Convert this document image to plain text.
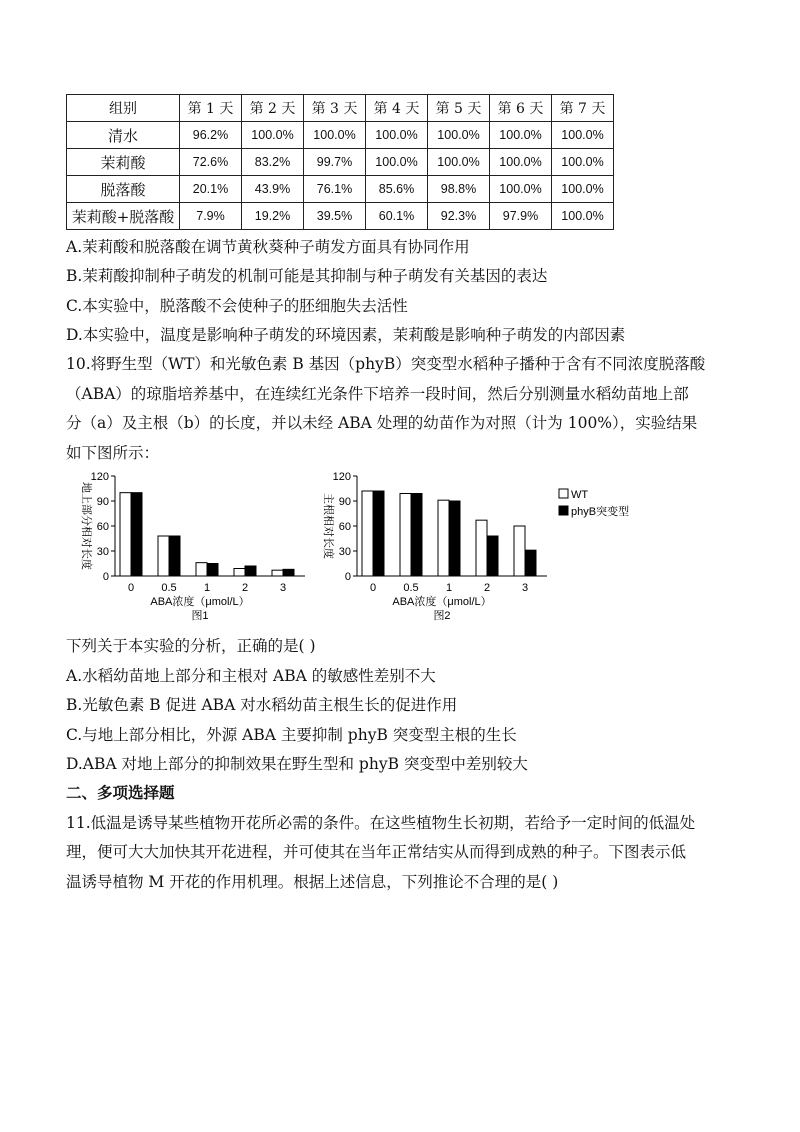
组别	第 1 天	第 2 天	第 3 天	第 4 天	第 5 天	第 6 天	第 7 天
清水	96.2%	100.0%	100.0%	100.0%	100.0%	100.0%	100.0%
茉莉酸	72.6%	83.2%	99.7%	100.0%	100.0%	100.0%	100.0%
脱落酸	20.1%	43.9%	76.1%	85.6%	98.8%	100.0%	100.0%
茉莉酸+脱落酸	7.9%	19.2%	39.5%	60.1%	92.3%	97.9%	100.0%
A.茉莉酸和脱落酸在调节黄秋葵种子萌发方面具有协同作用
B.茉莉酸抑制种子萌发的机制可能是其抑制与种子萌发有关基因的表达
C.本实验中，脱落酸不会使种子的胚细胞失去活性
D.本实验中，温度是影响种子萌发的环境因素，茉莉酸是影响种子萌发的内部因素
10.将野生型（WT）和光敏色素 B 基因（phyB）突变型水稻种子播种于含有不同浓度脱落酸
（ABA）的琼脂培养基中，在连续红光条件下培养一段时间，然后分别测量水稻幼苗地上部
分（a）及主根（b）的长度，并以未经 ABA 处理的幼苗作为对照（计为 100%），实验结果
如下图所示：
0
30
60
90
120
地上部分相对长度
0 0.5 1	2	3
ABA浓度（μmol/L）
图1
0
30
60
90
120
主根相对长度
0 0.5 1	2	3
ABA浓度（μmol/L）
图2
WT
phyB突变型
下列关于本实验的分析，正确的是( )
A.水稻幼苗地上部分和主根对 ABA 的敏感性差别不大
B.光敏色素 B 促进 ABA 对水稻幼苗主根生长的促进作用
C.与地上部分相比，外源 ABA 主要抑制 phyB 突变型主根的生长
D.ABA 对地上部分的抑制效果在野生型和 phyB 突变型中差别较大
二、多项选择题
11.低温是诱导某些植物开花所必需的条件。在这些植物生长初期，若给予一定时间的低温处
理，便可大大加快其开花进程，并可使其在当年正常结实从而得到成熟的种子。下图表示低
温诱导植物 M 开花的作用机理。根据上述信息，下列推论不合理的是( )
